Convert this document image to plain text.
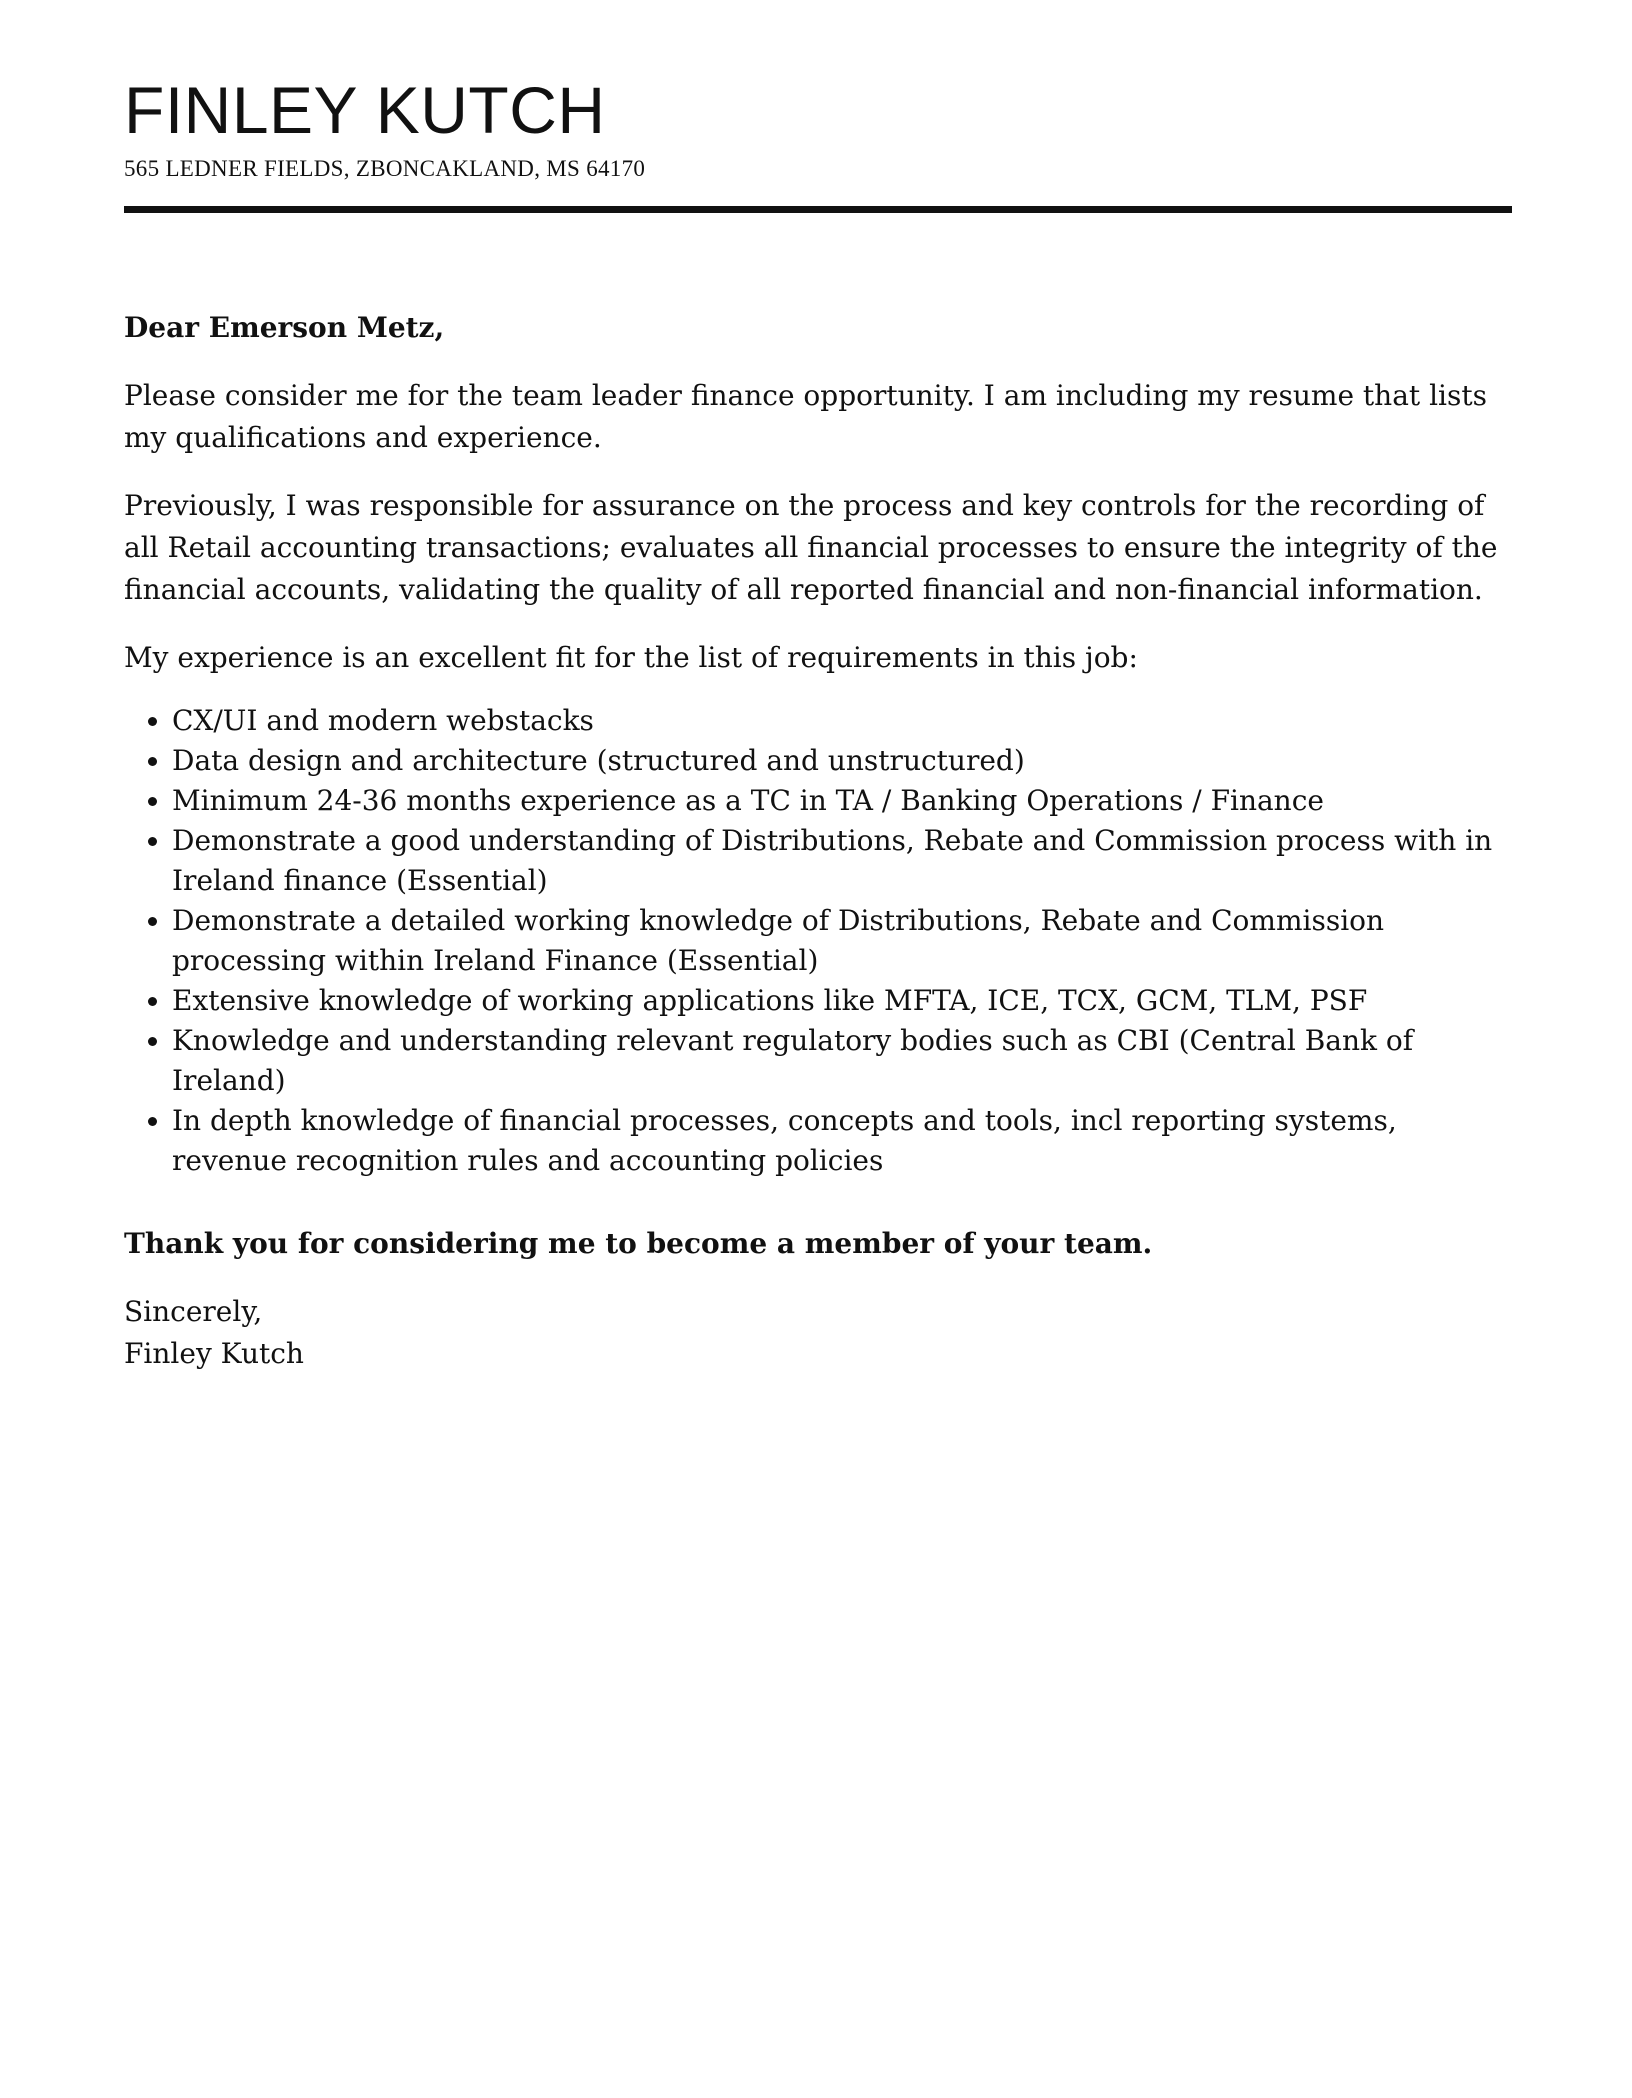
FINLEY KUTCH
565 LEDNER FIELDS, ZBONCAKLAND, MS 64170

Dear Emerson Metz,

Please consider me for the team leader finance opportunity. I am including my resume that lists my qualifications and experience.

Previously, I was responsible for assurance on the process and key controls for the recording of all Retail accounting transactions; evaluates all financial processes to ensure the integrity of the financial accounts, validating the quality of all reported financial and non-financial information.

My experience is an excellent fit for the list of requirements in this job:

• CX/UI and modern webstacks
• Data design and architecture (structured and unstructured)
• Minimum 24-36 months experience as a TC in TA / Banking Operations / Finance
• Demonstrate a good understanding of Distributions, Rebate and Commission process with in Ireland finance (Essential)
• Demonstrate a detailed working knowledge of Distributions, Rebate and Commission processing within Ireland Finance (Essential)
• Extensive knowledge of working applications like MFTA, ICE, TCX, GCM, TLM, PSF
• Knowledge and understanding relevant regulatory bodies such as CBI (Central Bank of Ireland)
• In depth knowledge of financial processes, concepts and tools, incl reporting systems, revenue recognition rules and accounting policies

Thank you for considering me to become a member of your team.

Sincerely,

Finley Kutch
